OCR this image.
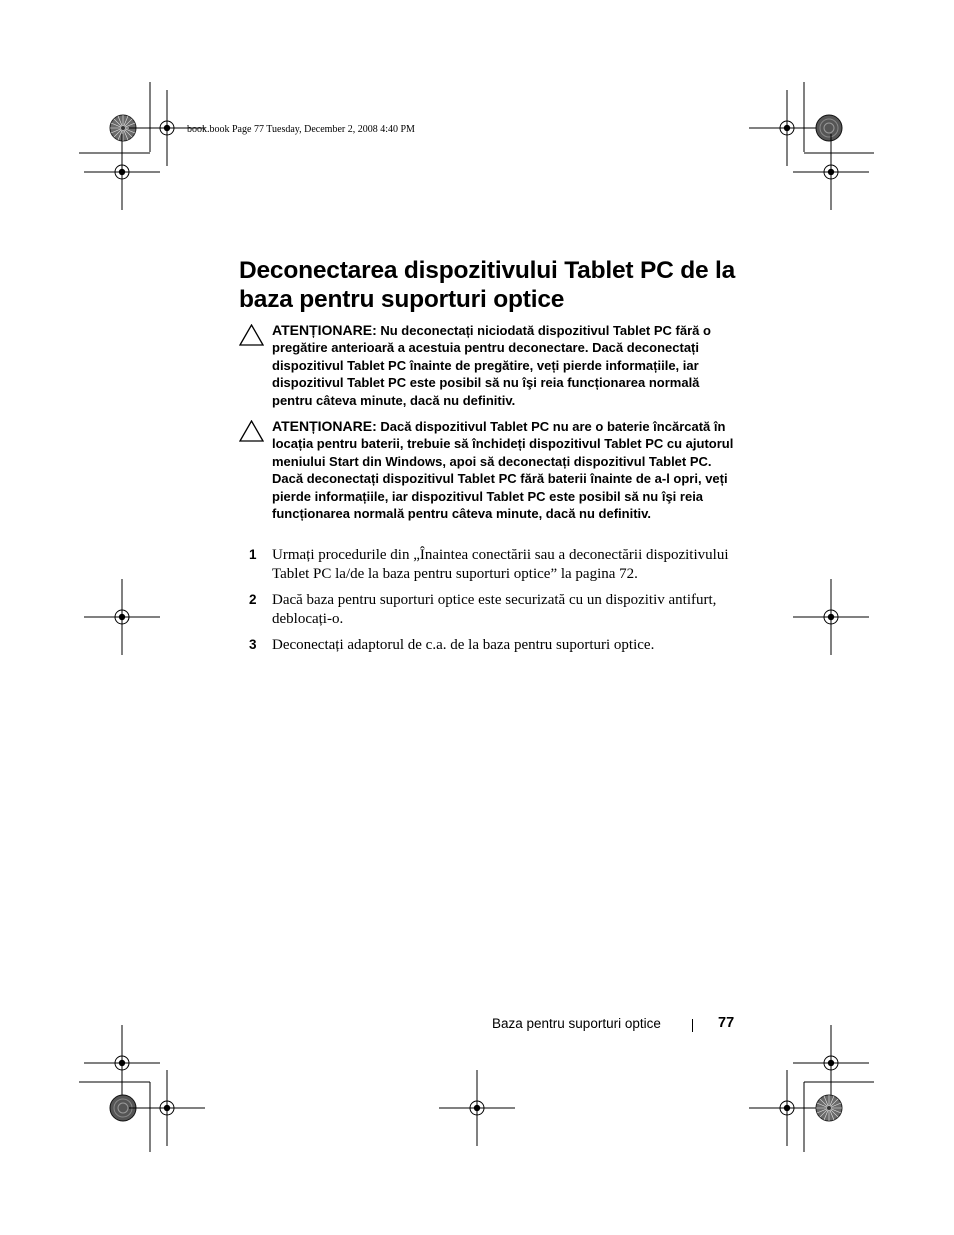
book.book Page 77 Tuesday, December 2, 2008 4:40 PM
Deconectarea dispozitivului Tablet PC de la baza pentru suporturi optice
ATENȚIONARE: Nu deconectați niciodată dispozitivul Tablet PC fără o pregătire anterioară a acestuia pentru deconectare. Dacă deconectați dispozitivul Tablet PC înainte de pregătire, veți pierde informațiile, iar dispozitivul Tablet PC este posibil să nu îşi reia funcționarea normală pentru câteva minute, dacă nu definitiv.
ATENȚIONARE: Dacă dispozitivul Tablet PC nu are o baterie încărcată în locația pentru baterii, trebuie să închideți dispozitivul Tablet PC cu ajutorul meniului Start din Windows, apoi să deconectați dispozitivul Tablet PC. Dacă deconectați dispozitivul Tablet PC fără baterii înainte de a-l opri, veți pierde informațiile, iar dispozitivul Tablet PC este posibil să nu îşi reia funcționarea normală pentru câteva minute, dacă nu definitiv.
1 Urmați procedurile din „Înaintea conectării sau a deconectării dispozitivului Tablet PC la/de la baza pentru suporturi optice” la pagina 72.
2 Dacă baza pentru suporturi optice este securizată cu un dispozitiv antifurt, deblocați-o.
3 Deconectați adaptorul de c.a. de la baza pentru suporturi optice.
Baza pentru suporturi optice	77
